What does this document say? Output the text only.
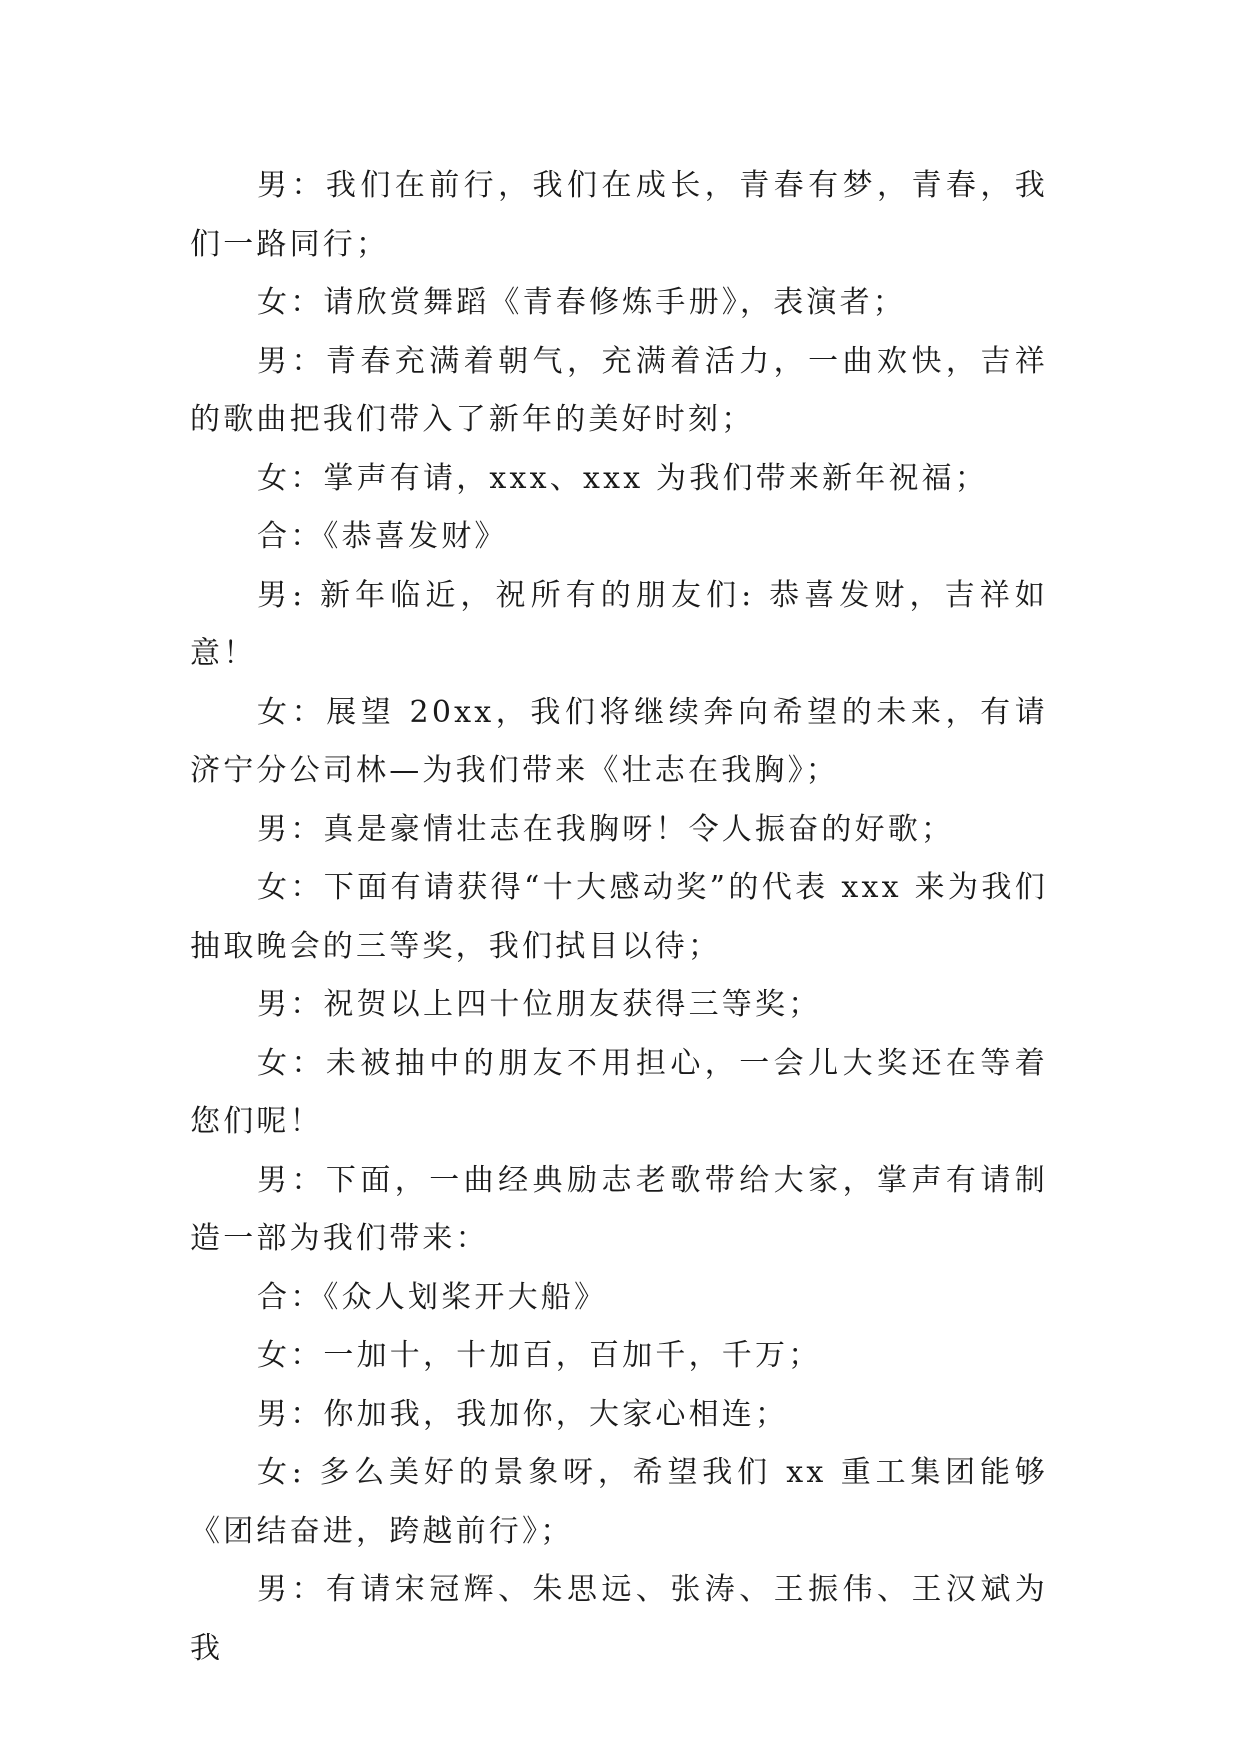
男：我们在前行，我们在成长，青春有梦，青春，我们一路同行；

女：请欣赏舞蹈《青春修炼手册》，表演者；

男：青春充满着朝气，充满着活力，一曲欢快，吉祥的歌曲把我们带入了新年的美好时刻；

女：掌声有请，xxx、xxx 为我们带来新年祝福；

合：《恭喜发财》

男: 新年临近，祝所有的朋友们: 恭喜发财，吉祥如意！

女：展望 20xx，我们将继续奔向希望的未来，有请济宁分公司林—为我们带来《壮志在我胸》；

男：真是豪情壮志在我胸呀！令人振奋的好歌；

女：下面有请获得“十大感动奖”的代表 xxx 来为我们抽取晚会的三等奖，我们拭目以待；

男：祝贺以上四十位朋友获得三等奖；

女：未被抽中的朋友不用担心，一会儿大奖还在等着您们呢！

男：下面，一曲经典励志老歌带给大家，掌声有请制造一部为我们带来：

合：《众人划桨开大船》

女：一加十，十加百，百加千，千万；

男：你加我，我加你，大家心相连；

女: 多么美好的景象呀，希望我们 xx 重工集团能够《团结奋进，跨越前行》；

男：有请宋冠辉、朱思远、张涛、王振伟、王汉斌为我
